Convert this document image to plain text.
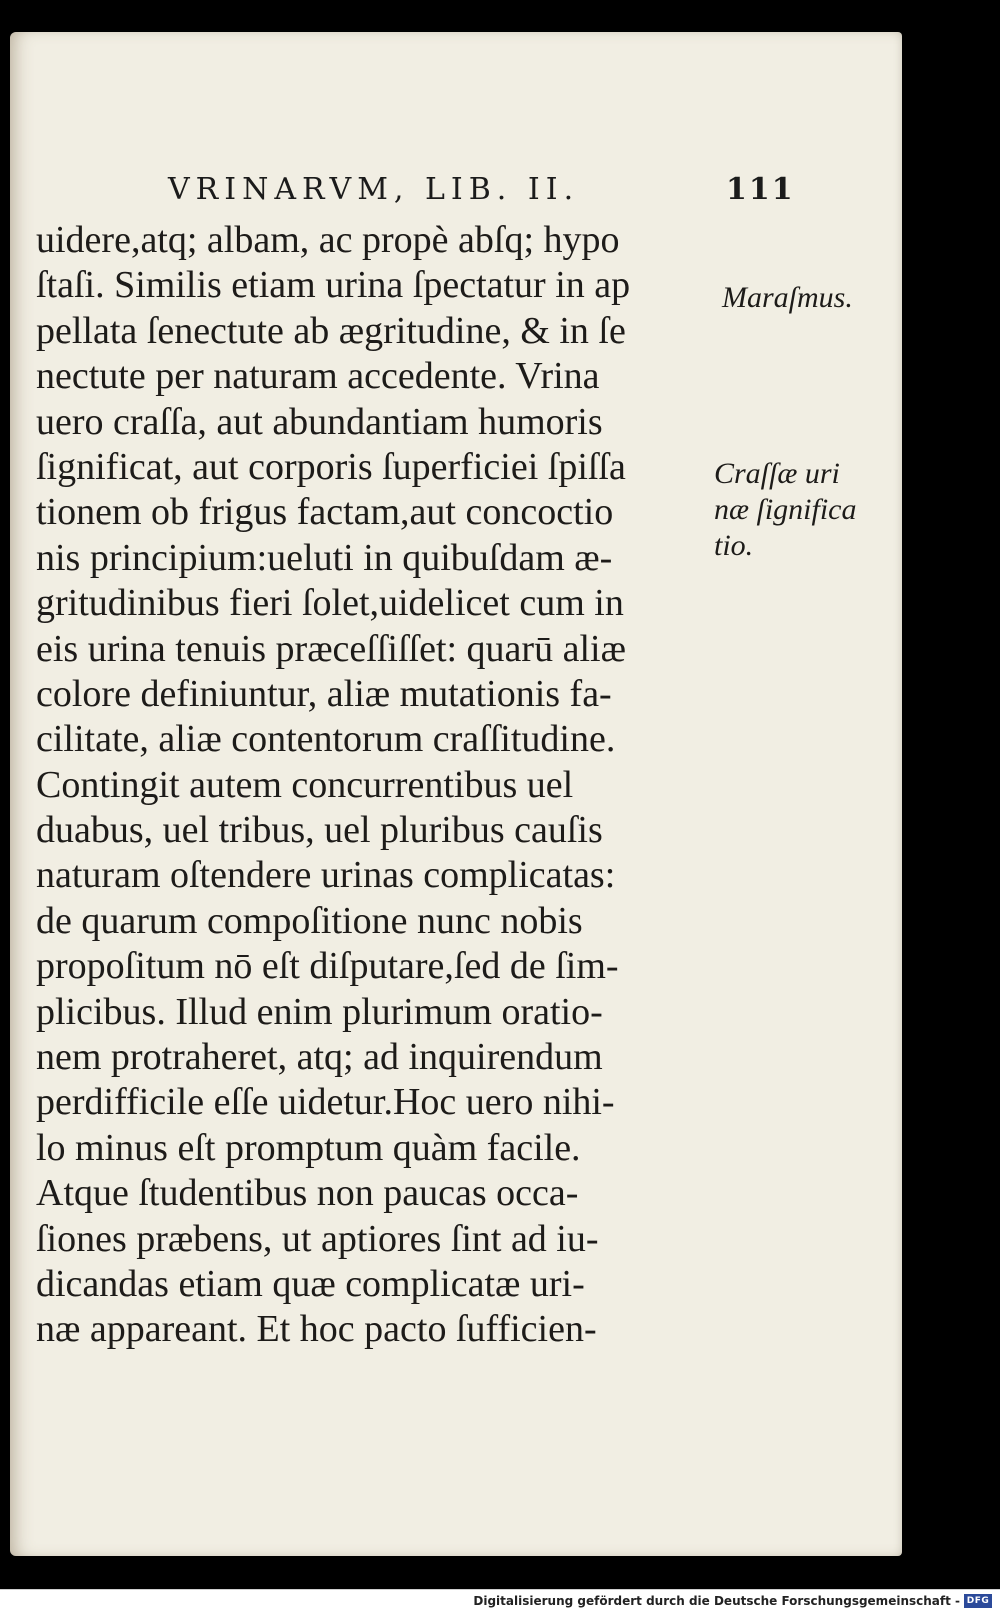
VRINARVM, LIB. II.	111
uidere,atq; albam, ac propè abſq; hypo
ſtaſi. Similis etiam urina ſpectatur in ap
pellata ſenectute ab ægritudine, & in ſe
nectute per naturam accedente. Vrina
uero craſſa, aut abundantiam humoris
ſignificat, aut corporis ſuperficiei ſpiſſa
tionem ob frigus factam,aut concoctio
nis principium:ueluti in quibuſdam æ-
gritudinibus fieri ſolet,uidelicet cum in
eis urina tenuis præceſſiſſet: quarū aliæ
colore definiuntur, aliæ mutationis fa-
cilitate, aliæ contentorum craſſitudine.
Contingit autem concurrentibus uel
duabus, uel tribus, uel pluribus cauſis
naturam oſtendere urinas complicatas:
de quarum compoſitione nunc nobis
propoſitum nō eſt diſputare,ſed de ſim-
plicibus. Illud enim plurimum oratio-
nem protraheret, atq; ad inquirendum
perdifficile eſſe uidetur.Hoc uero nihi-
lo minus eſt promptum quàm facile.
Atque ſtudentibus non paucas occa-
ſiones præbens, ut aptiores ſint ad iu-
dicandas etiam quæ complicatæ uri-
næ appareant. Et hoc pacto ſufficien-
Maraſmus.
Craſſæ uri
næ ſignifica
tio.
Digitalisierung gefördert durch die Deutsche Forschungsgemeinschaft - DFG
